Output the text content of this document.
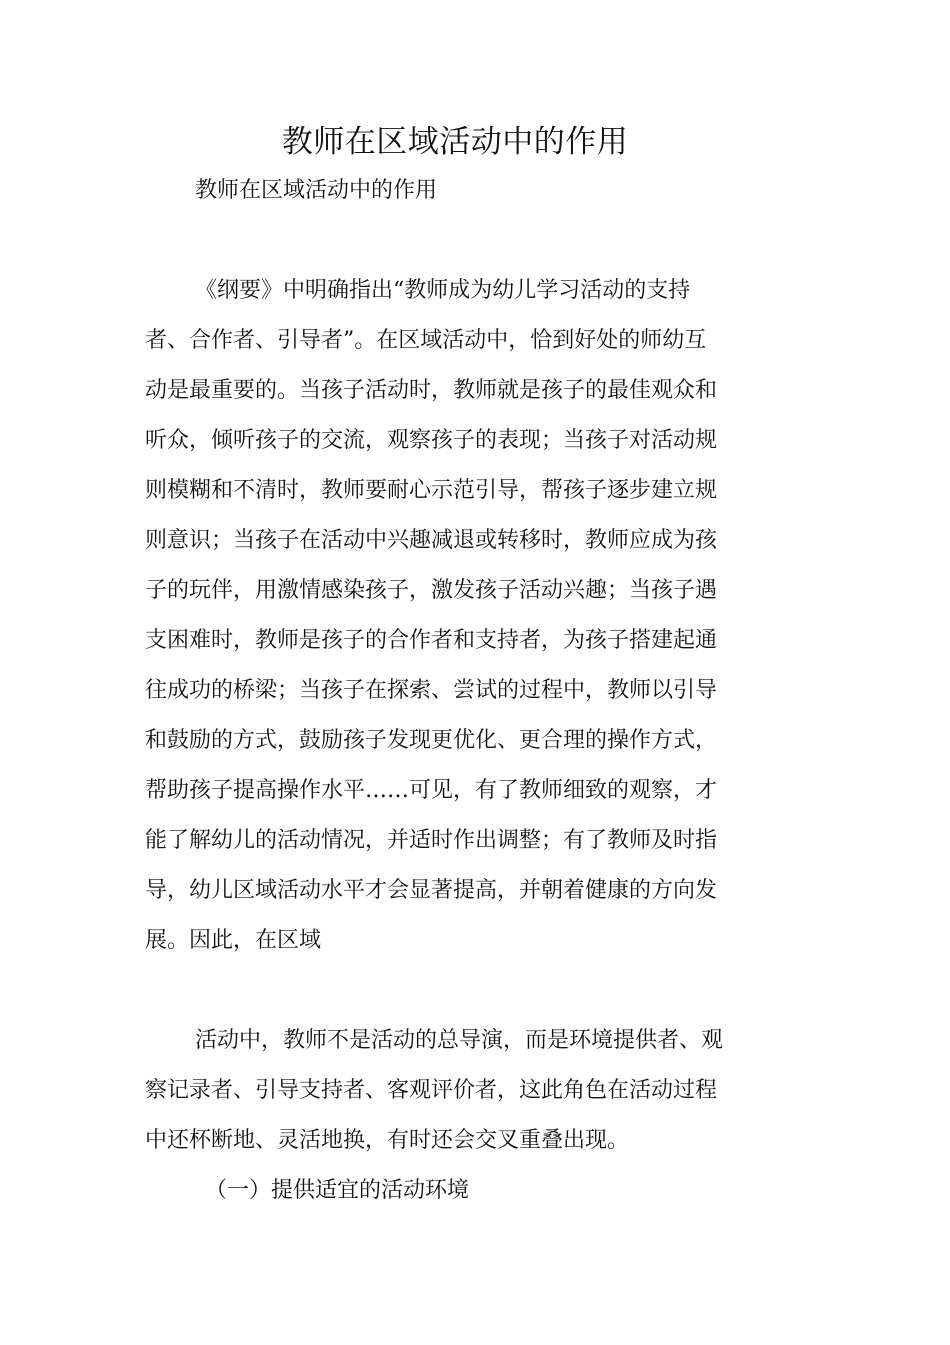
教师在区域活动中的作用
教师在区域活动中的作用
《纲要》中明确指出“教师成为幼儿学习活动的支持
者、合作者、引导者”。在区域活动中，恰到好处的师幼互
动是最重要的。当孩子活动时，教师就是孩子的最佳观众和
听众，倾听孩子的交流，观察孩子的表现；当孩子对活动规
则模糊和不清时，教师要耐心示范引导，帮孩子逐步建立规
则意识；当孩子在活动中兴趣减退或转移时，教师应成为孩
子的玩伴，用激情感染孩子，激发孩子活动兴趣；当孩子遇
支困难时，教师是孩子的合作者和支持者，为孩子搭建起通
往成功的桥梁；当孩子在探索、尝试的过程中，教师以引导
和鼓励的方式，鼓励孩子发现更优化、更合理的操作方式，
帮助孩子提高操作水平……可见，有了教师细致的观察，才
能了解幼儿的活动情况，并适时作出调整；有了教师及时指
导，幼儿区域活动水平才会显著提高，并朝着健康的方向发
展。因此，在区域
活动中，教师不是活动的总导演，而是环境提供者、观
察记录者、引导支持者、客观评价者，这此角色在活动过程
中还杯断地、灵活地换，有时还会交叉重叠出现。
（一）提供适宜的活动环境
